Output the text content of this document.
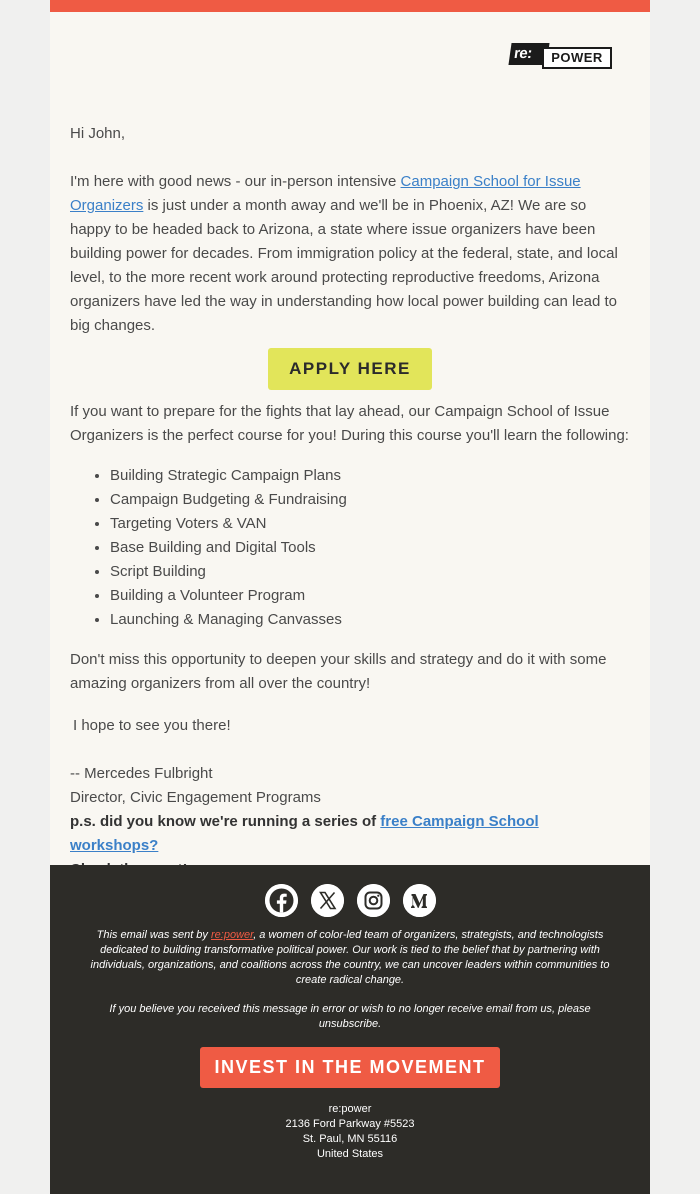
re:	POWER

Hi John,

I'm here with good news - our in-person intensive Campaign School for Issue Organizers is just under a month away and we'll be in Phoenix, AZ! We are so happy to be headed back to Arizona, a state where issue organizers have been building power for decades. From immigration policy at the federal, state, and local level, to the more recent work around protecting reproductive freedoms, Arizona organizers have led the way in understanding how local power building can lead to big changes.

APPLY HERE

If you want to prepare for the fights that lay ahead, our Campaign School of Issue Organizers is the perfect course for you! During this course you'll learn the following:

• Building Strategic Campaign Plans
• Campaign Budgeting & Fundraising
• Targeting Voters & VAN
• Base Building and Digital Tools
• Script Building
• Building a Volunteer Program
• Launching & Managing Canvasses

Don't miss this opportunity to deepen your skills and strategy and do it with some amazing organizers from all over the country!

I hope to see you there!

-- Mercedes Fulbright

Director, Civic Engagement Programs

p.s. did you know we're running a series of free Campaign School workshops?

This email was sent by re:power, a women of color-led team of organizers, strategists, and technologists dedicated to building transformative political power. Our work is tied to the belief that by partnering with individuals, organizations, and coalitions across the country, we can uncover leaders within communities to create radical change.

If you believe you received this message in error or wish to no longer receive email from us, please unsubscribe.

INVEST IN THE MOVEMENT
re:power
2136 Ford Parkway #5523
St. Paul, MN 55116
United States
